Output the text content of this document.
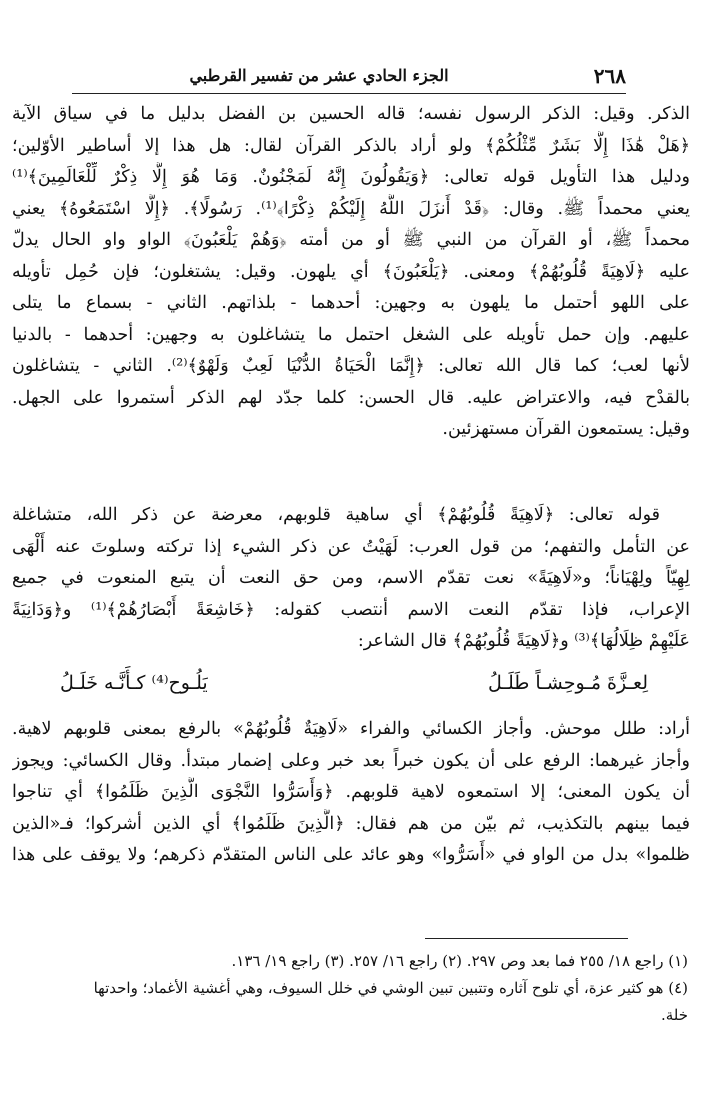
٢٦٨
الجزء الحادي عشر من تفسير القرطبي
الذكر. وقيل: الذكر الرسول نفسه؛ قاله الحسين بن الفضل بدليل ما في سياق الآية
﴿هَلْ هَٰذَا إِلَّا بَشَرٌ مِّثْلُكُمْ﴾ ولو أراد بالذكر القرآن لقال: هل هذا إلا أساطير الأوّلين؛
ودليل هذا التأويل قوله تعالى: ﴿وَيَقُولُونَ إِنَّهُ لَمَجْنُونٌ. وَمَا هُوَ إِلَّا ذِكْرٌ لِّلْعَالَمِينَ﴾⁽¹⁾
يعني محمداً ﷺ. وقال: ﴿قَدْ أَنزَلَ اللَّهُ إِلَيْكُمْ ذِكْرًا﴾⁽¹⁾. رَسُولًا﴾. ﴿إِلَّا اسْتَمَعُوهُ﴾ يعني
محمداً ﷺ، أو القرآن من النبي ﷺ أو من أمته ﴿وَهُمْ يَلْعَبُونَ﴾ الواو واو الحال يدلّ
عليه ﴿لَاهِيَةً قُلُوبُهُمْ﴾ ومعنى. ﴿يَلْعَبُونَ﴾ أي يلهون. وقيل: يشتغلون؛ فإن حُمِل تأويله
على اللهو أحتمل ما يلهون به وجهين: أحدهما - بلذاتهم. الثاني - بسماع ما يتلى
عليهم. وإن حمل تأويله على الشغل احتمل ما يتشاغلون به وجهين: أحدهما - بالدنيا
لأنها لعب؛ كما قال الله تعالى: ﴿إِنَّمَا الْحَيَاةُ الدُّنْيَا لَعِبٌ وَلَهْوٌ﴾⁽²⁾. الثاني - يتشاغلون
بالقدْح فيه، والاعتراض عليه. قال الحسن: كلما جدّد لهم الذكر أستمروا على الجهل.
وقيل: يستمعون القرآن مستهزئين.
قوله تعالى: ﴿لَاهِيَةً قُلُوبُهُمْ﴾ أي ساهية قلوبهم، معرضة عن ذكر الله، متشاغلة
عن التأمل والتفهم؛ من قول العرب: لَهَيْتُ عن ذكر الشيء إذا تركته وسلوتَ عنه أَلْهَى
لِهِيّاً ولِهْيَاناً؛ و«لَاهِيَةً» نعت تقدّم الاسم، ومن حق النعت أن يتبع المنعوت في جميع
الإعراب، فإذا تقدّم النعت الاسم أنتصب كقوله: ﴿خَاشِعَةً أَبْصَارُهُمْ﴾⁽¹⁾ و﴿وَدَانِيَةً
عَلَيْهِمْ ظِلَالُهَا﴾⁽³⁾ و﴿لَاهِيَةً قُلُوبُهُمْ﴾ قال الشاعر:
لِعـزَّةَ مُـوحِشـاً طَلَـلُ
يَلُـوح⁽⁴⁾ كـأَنَّـه خَلَـلُ
أراد: طلل موحش. وأجاز الكسائي والفراء «لَاهِيَةٌ قُلُوبُهُمْ» بالرفع بمعنى قلوبهم لاهية.
وأجاز غيرهما: الرفع على أن يكون خبراً بعد خبر وعلى إضمار مبتدأ. وقال الكسائي: ويجوز
أن يكون المعنى؛ إلا استمعوه لاهية قلوبهم. ﴿وَأَسَرُّوا النَّجْوَى الَّذِينَ ظَلَمُوا﴾ أي تناجوا
فيما بينهم بالتكذيب، ثم بيّن من هم فقال: ﴿الَّذِينَ ظَلَمُوا﴾ أي الذين أشركوا؛ فـ«الذين
ظلموا» بدل من الواو في «أَسَرُّوا» وهو عائد على الناس المتقدّم ذكرهم؛ ولا يوقف على هذا
(١) راجع ١٨/ ٢٥٥ فما بعد وص ٢٩٧. (٢) راجع ١٦/ ٢٥٧. (٣) راجع ١٩/ ١٣٦.
(٤) هو كثير عزة، أي تلوح آثاره وتتبين تبين الوشي في خلل السيوف، وهي أغشية الأغماد؛ واحدتها
خلة.
